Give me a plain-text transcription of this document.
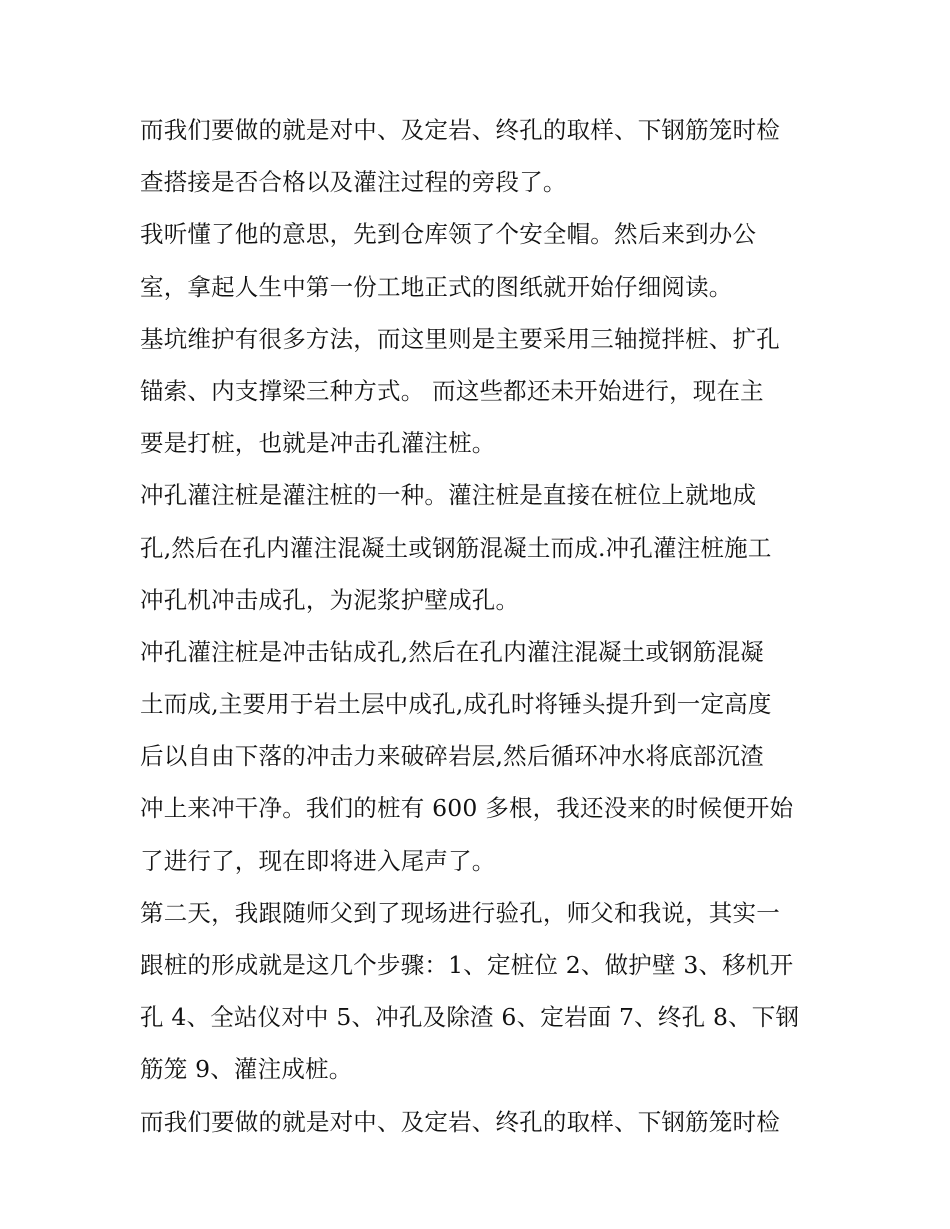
而我们要做的就是对中、及定岩、终孔的取样、下钢筋笼时检
查搭接是否合格以及灌注过程的旁段了。
我听懂了他的意思，先到仓库领了个安全帽。然后来到办公
室，拿起人生中第一份工地正式的图纸就开始仔细阅读。
基坑维护有很多方法，而这里则是主要采用三轴搅拌桩、扩孔
锚索、内支撑梁三种方式。 而这些都还未开始进行，现在主
要是打桩，也就是冲击孔灌注桩。
冲孔灌注桩是灌注桩的一种。灌注桩是直接在桩位上就地成
孔,然后在孔内灌注混凝土或钢筋混凝土而成.冲孔灌注桩施工
冲孔机冲击成孔，为泥浆护壁成孔。
冲孔灌注桩是冲击钻成孔,然后在孔内灌注混凝土或钢筋混凝
土而成,主要用于岩土层中成孔,成孔时将锤头提升到一定高度
后以自由下落的冲击力来破碎岩层,然后循环冲水将底部沉渣
冲上来冲干净。我们的桩有 600 多根，我还没来的时候便开始
了进行了，现在即将进入尾声了。
第二天，我跟随师父到了现场进行验孔，师父和我说，其实一
跟桩的形成就是这几个步骤：1、定桩位 2、做护壁 3、移机开
孔 4、全站仪对中 5、冲孔及除渣 6、定岩面 7、终孔 8、下钢
筋笼 9、灌注成桩。
而我们要做的就是对中、及定岩、终孔的取样、下钢筋笼时检
